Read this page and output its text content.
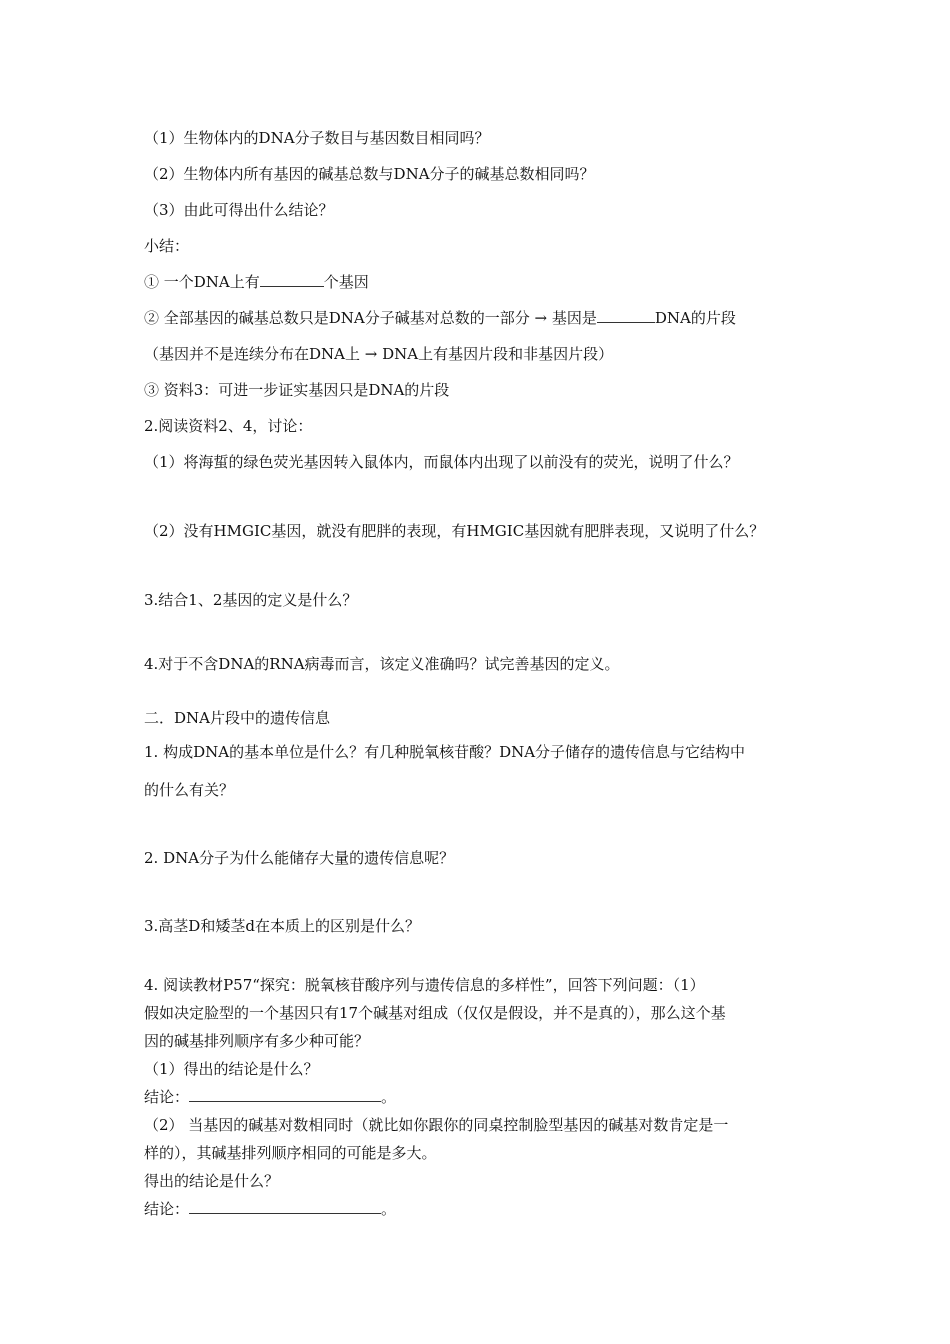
（1）生物体内的DNA分子数目与基因数目相同吗？

（2）生物体内所有基因的碱基总数与DNA分子的碱基总数相同吗？

（3）由此可得出什么结论？

小结：

① 一个DNA上有	个基因

② 全部基因的碱基总数只是DNA分子碱基对总数的一部分 → 基因是	DNA的片段

（基因并不是连续分布在DNA上 → DNA上有基因片段和非基因片段）

③ 资料3：可进一步证实基因只是DNA的片段

2.阅读资料2、4，讨论：

（1）将海蜇的绿色荧光基因转入鼠体内，而鼠体内出现了以前没有的荧光，说明了什么？

（2）没有HMGIC基因，就没有肥胖的表现，有HMGIC基因就有肥胖表现，又说明了什么？

3.结合1、2基因的定义是什么？

4.对于不含DNA的RNA病毒而言，该定义准确吗？试完善基因的定义。

二．DNA片段中的遗传信息

1. 构成DNA的基本单位是什么？有几种脱氧核苷酸？DNA分子储存的遗传信息与它结构中

的什么有关？

2. DNA分子为什么能储存大量的遗传信息呢？

3.高茎D和矮茎d在本质上的区别是什么？

4. 阅读教材P57“探究：脱氧核苷酸序列与遗传信息的多样性”，回答下列问题：（1）

假如决定脸型的一个基因只有17个碱基对组成（仅仅是假设，并不是真的），那么这个基

因的碱基排列顺序有多少种可能？

（1）得出的结论是什么？

结论：	。

（2） 当基因的碱基对数相同时（就比如你跟你的同桌控制脸型基因的碱基对数肯定是一

样的），其碱基排列顺序相同的可能是多大。

得出的结论是什么？

结论：	。
